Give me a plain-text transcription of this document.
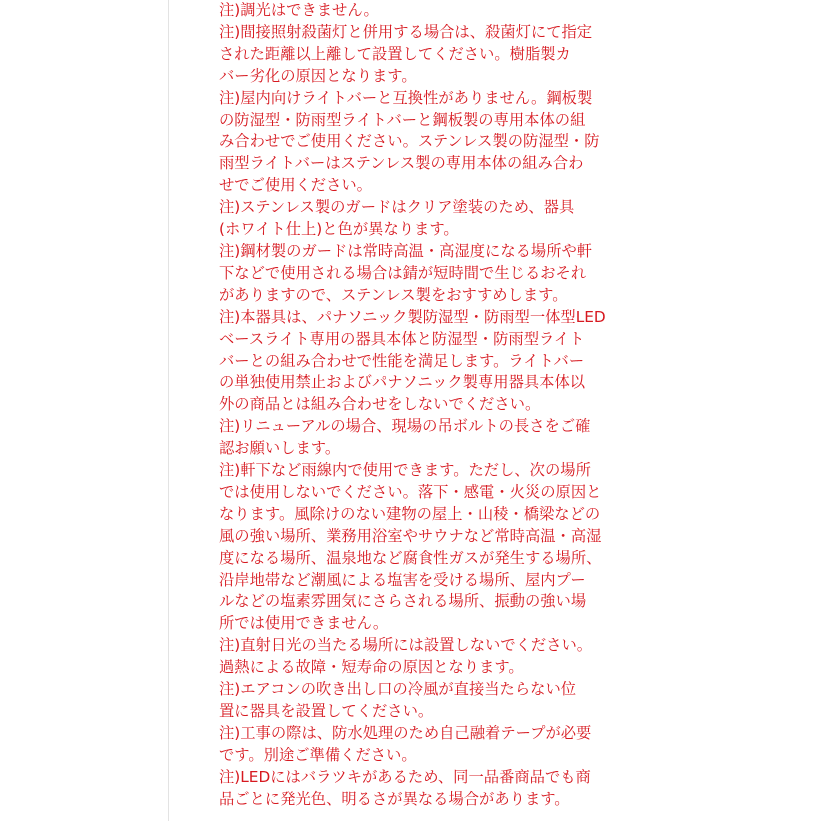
注)調光はできません。
注)間接照射殺菌灯と併用する場合は、殺菌灯にて指定
された距離以上離して設置してください。樹脂製カ
バー劣化の原因となります。
注)屋内向けライトバーと互換性がありません。鋼板製
の防湿型・防雨型ライトバーと鋼板製の専用本体の組
み合わせでご使用ください。ステンレス製の防湿型・防
雨型ライトバーはステンレス製の専用本体の組み合わ
せでご使用ください。
注)ステンレス製のガードはクリア塗装のため、器具
(ホワイト仕上)と色が異なります。
注)鋼材製のガードは常時高温・高湿度になる場所や軒
下などで使用される場合は錆が短時間で生じるおそれ
がありますので、ステンレス製をおすすめします。
注)本器具は、パナソニック製防湿型・防雨型一体型LED
ベースライト専用の器具本体と防湿型・防雨型ライト
バーとの組み合わせで性能を満足します。ライトバー
の単独使用禁止およびパナソニック製専用器具本体以
外の商品とは組み合わせをしないでください。
注)リニューアルの場合、現場の吊ボルトの長さをご確
認お願いします。
注)軒下など雨線内で使用できます。ただし、次の場所
では使用しないでください。落下・感電・火災の原因と
なります。風除けのない建物の屋上・山稜・橋梁などの
風の強い場所、業務用浴室やサウナなど常時高温・高湿
度になる場所、温泉地など腐食性ガスが発生する場所、
沿岸地帯など潮風による塩害を受ける場所、屋内プー
ルなどの塩素雰囲気にさらされる場所、振動の強い場
所では使用できません。
注)直射日光の当たる場所には設置しないでください。
過熱による故障・短寿命の原因となります。
注)エアコンの吹き出し口の冷風が直接当たらない位
置に器具を設置してください。
注)工事の際は、防水処理のため自己融着テープが必要
です。別途ご準備ください。
注)LEDにはバラツキがあるため、同一品番商品でも商
品ごとに発光色、明るさが異なる場合があります。
